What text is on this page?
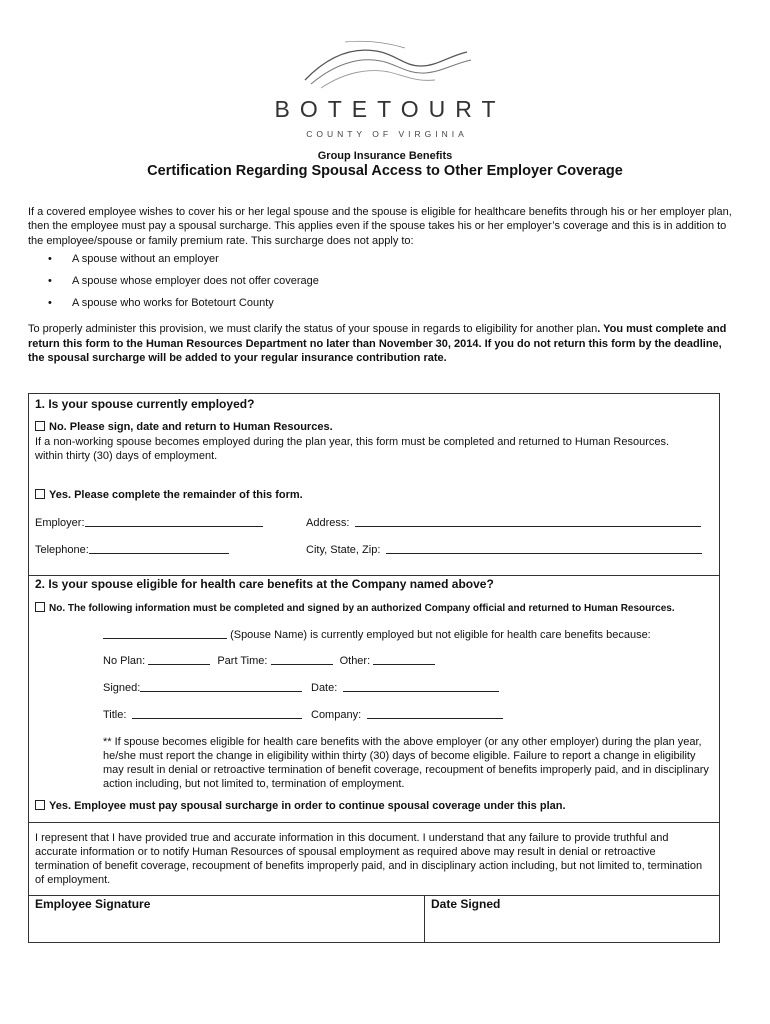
BOTETOURT
COUNTY OF VIRGINIA
Group Insurance Benefits
Certification Regarding Spousal Access to Other Employer Coverage
If a covered employee wishes to cover his or her legal spouse and the spouse is eligible for healthcare benefits through his or her employer plan, then the employee must pay a spousal surcharge. This applies even if the spouse takes his or her employer’s coverage and this is in addition to the employee/spouse or family premium rate. This surcharge does not apply to:
• A spouse without an employer
• A spouse whose employer does not offer coverage
• A spouse who works for Botetourt County
To properly administer this provision, we must clarify the status of your spouse in regards to eligibility for another plan. You must complete and return this form to the Human Resources Department no later than November 30, 2014. If you do not return this form by the deadline, the spousal surcharge will be added to your regular insurance contribution rate.
1. Is your spouse currently employed?
No. Please sign, date and return to Human Resources.
If a non-working spouse becomes employed during the plan year, this form must be completed and returned to Human Resources. within thirty (30) days of employment.
Yes. Please complete the remainder of this form.
Employer:	Address:
Telephone:	City, State, Zip:
2. Is your spouse eligible for health care benefits at the Company named above?
No. The following information must be completed and signed by an authorized Company official and returned to Human Resources.
(Spouse Name) is currently employed but not eligible for health care benefits because:
No Plan:	Part Time:	Other:
Signed:	Date:
Title:	Company:
** If spouse becomes eligible for health care benefits with the above employer (or any other employer) during the plan year, he/she must report the change in eligibility within thirty (30) days of become eligible. Failure to report a change in eligibility may result in denial or retroactive termination of benefit coverage, recoupment of benefits improperly paid, and in disciplinary action including, but not limited to, termination of employment.
Yes. Employee must pay spousal surcharge in order to continue spousal coverage under this plan.
I represent that I have provided true and accurate information in this document. I understand that any failure to provide truthful and accurate information or to notify Human Resources of spousal employment as required above may result in denial or retroactive termination of benefit coverage, recoupment of benefits improperly paid, and in disciplinary action including, but not limited to, termination of employment.
Employee Signature	Date Signed
